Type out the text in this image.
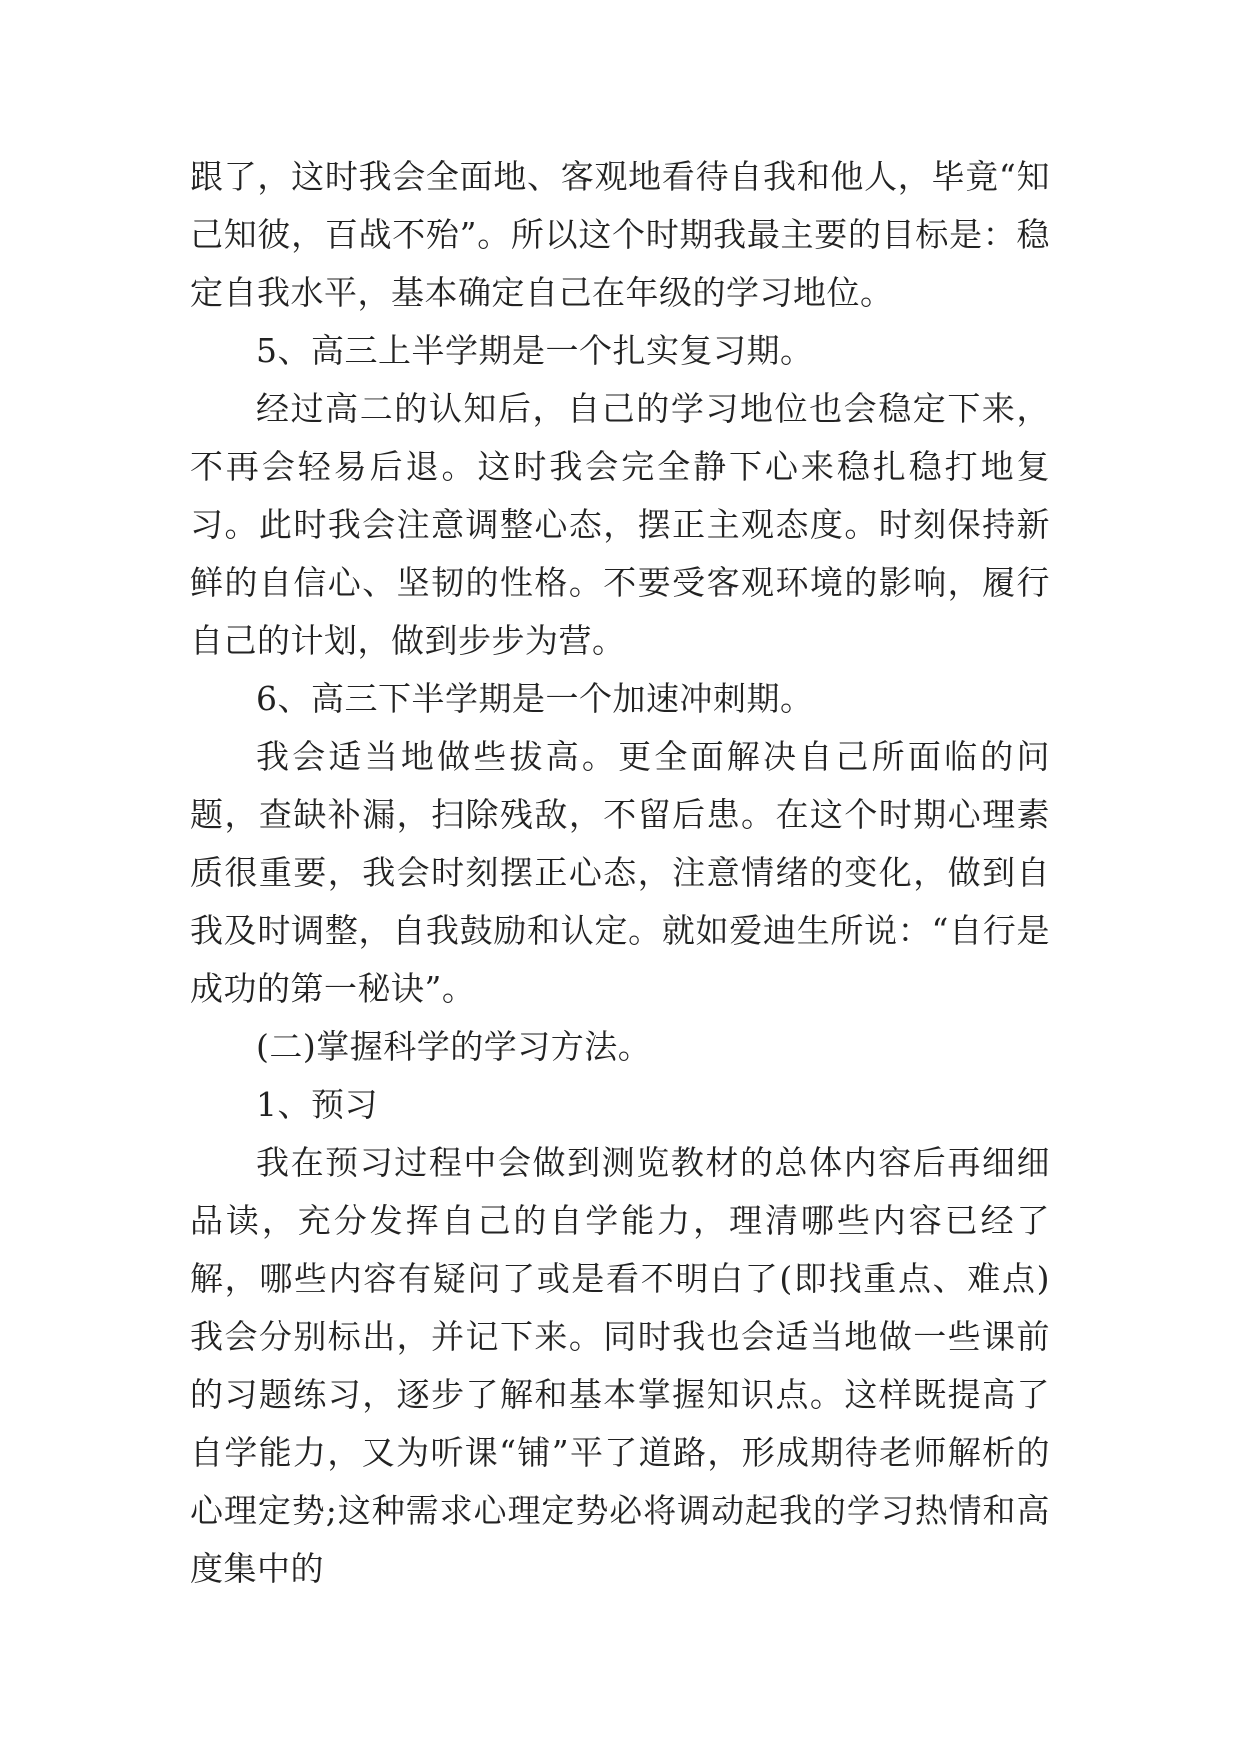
跟了，这时我会全面地、客观地看待自我和他人，毕竟“知己知彼，百战不殆”。所以这个时期我最主要的目标是：稳定自我水平，基本确定自己在年级的学习地位。

5、高三上半学期是一个扎实复习期。

经过高二的认知后，自己的学习地位也会稳定下来，不再会轻易后退。这时我会完全静下心来稳扎稳打地复习。此时我会注意调整心态，摆正主观态度。时刻保持新鲜的自信心、坚韧的性格。不要受客观环境的影响，履行自己的计划，做到步步为营。

6、高三下半学期是一个加速冲刺期。

我会适当地做些拔高。更全面解决自己所面临的问题，查缺补漏，扫除残敌，不留后患。在这个时期心理素质很重要，我会时刻摆正心态，注意情绪的变化，做到自我及时调整，自我鼓励和认定。就如爱迪生所说：“自行是成功的第一秘诀”。

(二)掌握科学的学习方法。

1、预习

我在预习过程中会做到测览教材的总体内容后再细细品读，充分发挥自己的自学能力，理清哪些内容已经了解，哪些内容有疑问了或是看不明白了(即找重点、难点)我会分别标出，并记下来。同时我也会适当地做一些课前的习题练习，逐步了解和基本掌握知识点。这样既提高了自学能力，又为听课“铺”平了道路，形成期待老师解析的心理定势;这种需求心理定势必将调动起我的学习热情和高度集中的
